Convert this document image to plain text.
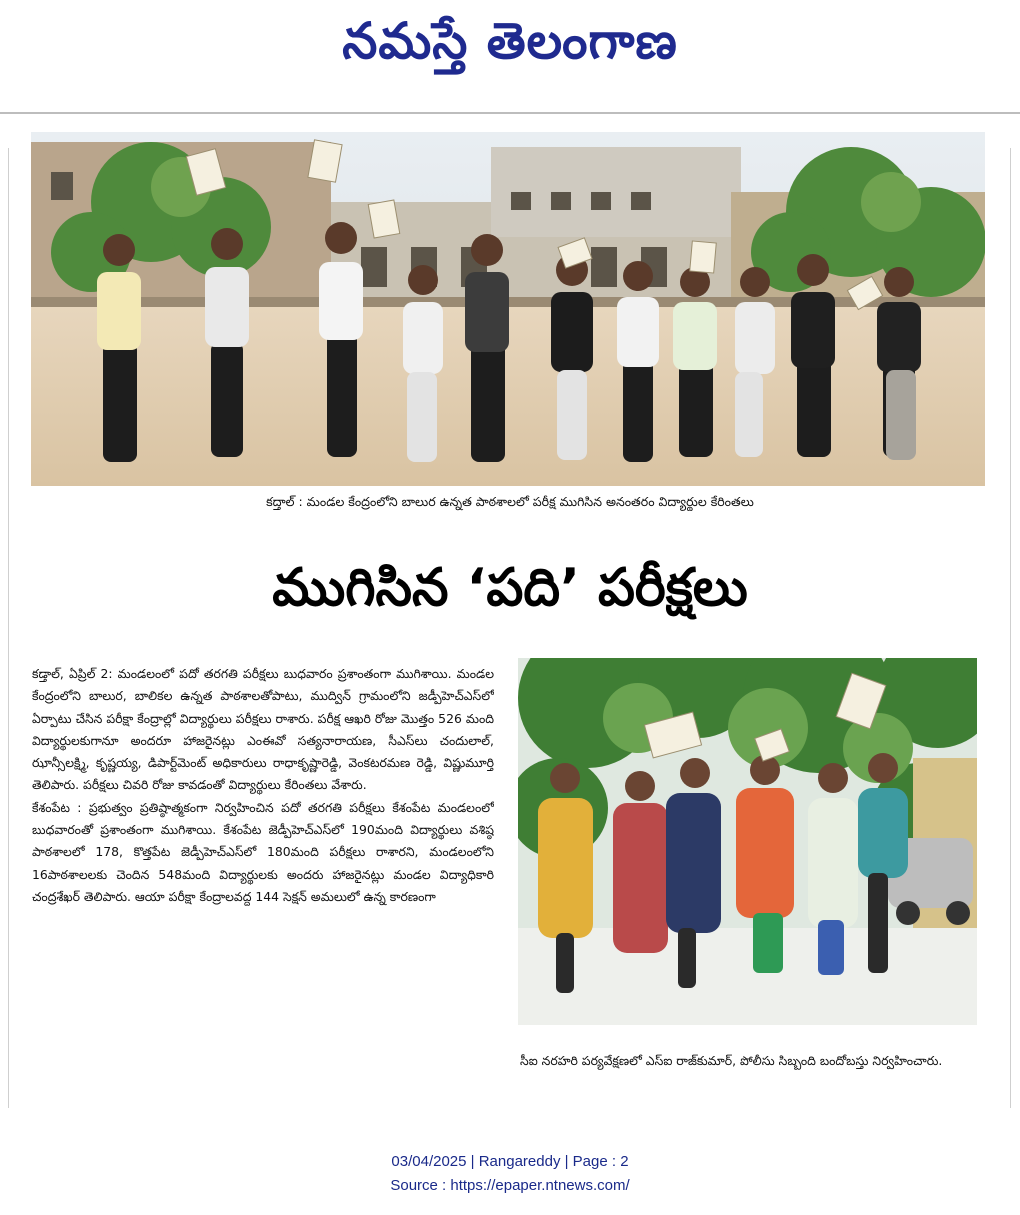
నమస్తే తెలంగాణ
కద్తాల్ : మండల కేంద్రంలోని బాలుర ఉన్నత పాఠశాలలో పరీక్ష ముగిసిన అనంతరం విద్యార్థుల కేరింతలు
ముగిసిన ‘పది’ పరీక్షలు

కడ్తాల్, ఏప్రిల్ 2: మండలంలో పదో తరగతి పరీక్షలు బుధవారం ప్రశాంతంగా ముగిశాయి. మండల కేంద్రంలోని బాలుర, బాలికల ఉన్నత పాఠశాలతోపాటు, ముద్విన్ గ్రామంలోని జడ్పీహెచ్ఎస్‌లో ఏర్పాటు చేసిన పరీక్షా కేంద్రాల్లో విద్యార్థులు పరీక్షలు రాశారు. పరీక్ష ఆఖరి రోజు మొత్తం 526 మంది విద్యార్థులకుగానూ అందరూ హాజరైనట్లు ఎంఈవో సత్యనారాయణ, సీఎస్‌లు చందులాల్, ఝాన్సీలక్ష్మి, కృష్ణయ్య, డిపార్ట్‌మెంట్ అధికారులు రాధాకృష్ణారెడ్డి, వెంకటరమణ రెడ్డి, విష్ణుమూర్తి తెలిపారు. పరీక్షలు చివరి రోజు కావడంతో విద్యార్థులు కేరింతలు వేశారు.

కేశంపేట : ప్రభుత్వం ప్రతిష్ఠాత్మకంగా నిర్వహించిన పదో తరగతి పరీక్షలు కేశంపేట మండలంలో బుధవారంతో ప్రశాంతంగా ముగిశాయి. కేశంపేట జెడ్పీహెచ్ఎస్‌లో 190మంది విద్యార్థులు వశిష్ఠ పాఠశాలలో 178, కొత్తపేట జెడ్పీహెచ్ఎస్‌లో 180మంది పరీక్షలు రాశారని, మండలంలోని 16పాఠశాలలకు చెందిన 548మంది విద్యార్థులకు అందరు హాజరైనట్లు మండల విద్యాధికారి చంద్రశేఖర్ తెలిపారు. ఆయా పరీక్షా కేంద్రాలవద్ద 144 సెక్షన్ అమలులో ఉన్న కారణంగా

సీఐ నరహరి పర్యవేక్షణలో ఎస్ఐ రాజ్‌కుమార్, పోలీసు సిబ్బంది బందోబస్తు నిర్వహించారు.

03/04/2025 | Rangareddy | Page : 2
Source : https://epaper.ntnews.com/
